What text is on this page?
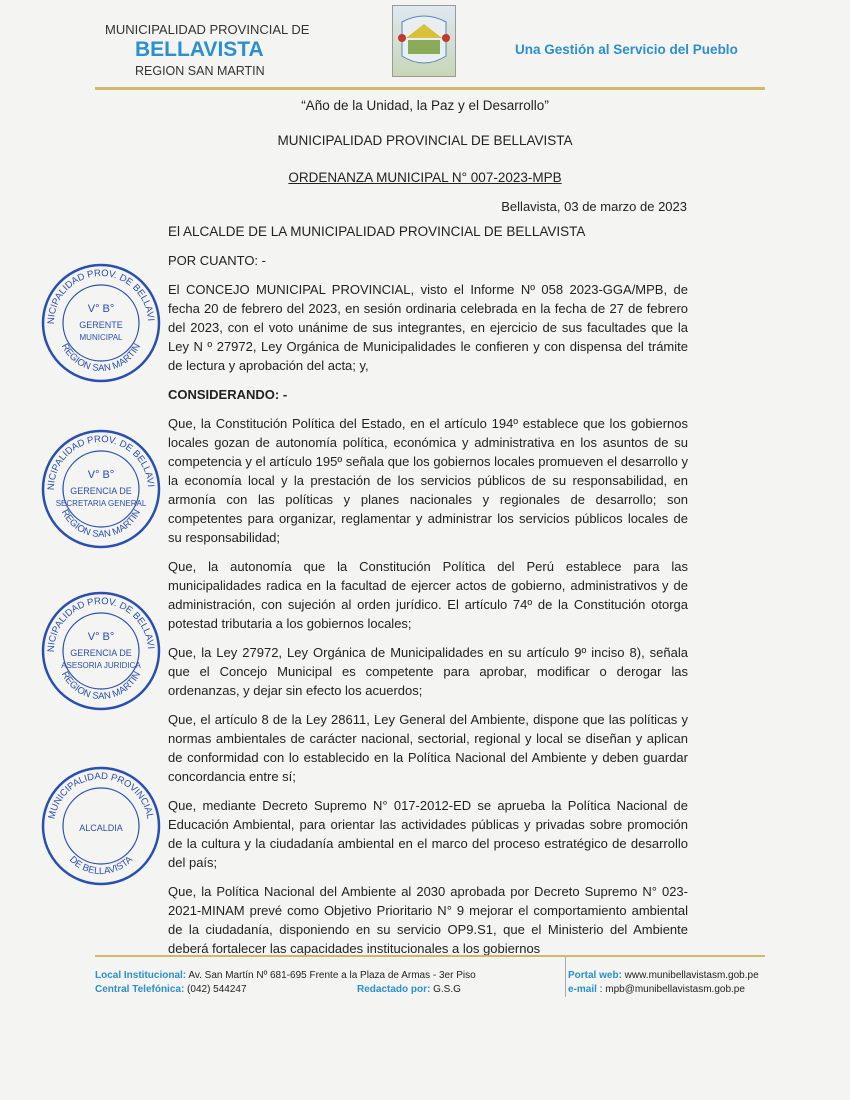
MUNICIPALIDAD PROVINCIAL DE
BELLAVISTA
REGION SAN MARTIN
Una Gestión al Servicio del Pueblo
“Año de la Unidad, la Paz y el Desarrollo”
MUNICIPALIDAD PROVINCIAL DE BELLAVISTA
ORDENANZA MUNICIPAL N° 007-2023-MPB
Bellavista, 03 de marzo de 2023
El ALCALDE DE LA MUNICIPALIDAD PROVINCIAL DE BELLAVISTA
POR CUANTO: -
El CONCEJO MUNICIPAL PROVINCIAL, visto el Informe Nº 058 2023-GGA/MPB, de fecha 20 de febrero del 2023, en sesión ordinaria celebrada en la fecha de 27 de febrero del 2023, con el voto unánime de sus integrantes, en ejercicio de sus facultades que la Ley N º 27972, Ley Orgánica de Municipalidades le confieren y con dispensa del trámite de lectura y aprobación del acta; y,
CONSIDERANDO: -
Que, la Constitución Política del Estado, en el artículo 194º establece que los gobiernos locales gozan de autonomía política, económica y administrativa en los asuntos de su competencia y el artículo 195º señala que los gobiernos locales promueven el desarrollo y la economía local y la prestación de los servicios públicos de su responsabilidad, en armonía con las políticas y planes nacionales y regionales de desarrollo; son competentes para organizar, reglamentar y administrar los servicios públicos locales de su responsabilidad;
Que, la autonomía que la Constitución Política del Perú establece para las municipalidades radica en la facultad de ejercer actos de gobierno, administrativos y de administración, con sujeción al orden jurídico. El artículo 74º de la Constitución otorga potestad tributaria a los gobiernos locales;
Que, la Ley 27972, Ley Orgánica de Municipalidades en su artículo 9º inciso 8), señala que el Concejo Municipal es competente para aprobar, modificar o derogar las ordenanzas, y dejar sin efecto los acuerdos;
Que, el artículo 8 de la Ley 28611, Ley General del Ambiente, dispone que las políticas y normas ambientales de carácter nacional, sectorial, regional y local se diseñan y aplican de conformidad con lo establecido en la Política Nacional del Ambiente y deben guardar concordancia entre sí;
Que, mediante Decreto Supremo N° 017-2012-ED se aprueba la Política Nacional de Educación Ambiental, para orientar las actividades públicas y privadas sobre promoción de la cultura y la ciudadanía ambiental en el marco del proceso estratégico de desarrollo del país;
Que, la Política Nacional del Ambiente al 2030 aprobada por Decreto Supremo N° 023-2021-MINAM prevé como Objetivo Prioritario N° 9 mejorar el comportamiento ambiental de la ciudadanía, disponiendo en su servicio OP9.S1, que el Ministerio del Ambiente deberá fortalecer las capacidades institucionales a los gobiernos
NICIPALIDAD PROV. DE BELLAVI
REGION SAN MARTIN
V° B°
GERENTE
MUNICIPAL
NICIPALIDAD PROV. DE BELLAVI
REGION SAN MARTIN
V° B°
GERENCIA DE
SECRETARIA GENERAL
NICIPALIDAD PROV. DE BELLAVI
REGION SAN MARTIN
V° B°
GERENCIA DE
ASESORIA JURIDICA
MUNICIPALIDAD PROVINCIAL
DE BELLAVISTA
ALCALDIA
Local Institucional: Av. San Martín Nº 681-695 Frente a la Plaza de Armas - 3er Piso
Central Telefónica: (042) 544247	Redactado por: G.S.G
Portal web: www.munibellavistasm.gob.pe
e-mail : mpb@munibellavistasm.gob.pe
